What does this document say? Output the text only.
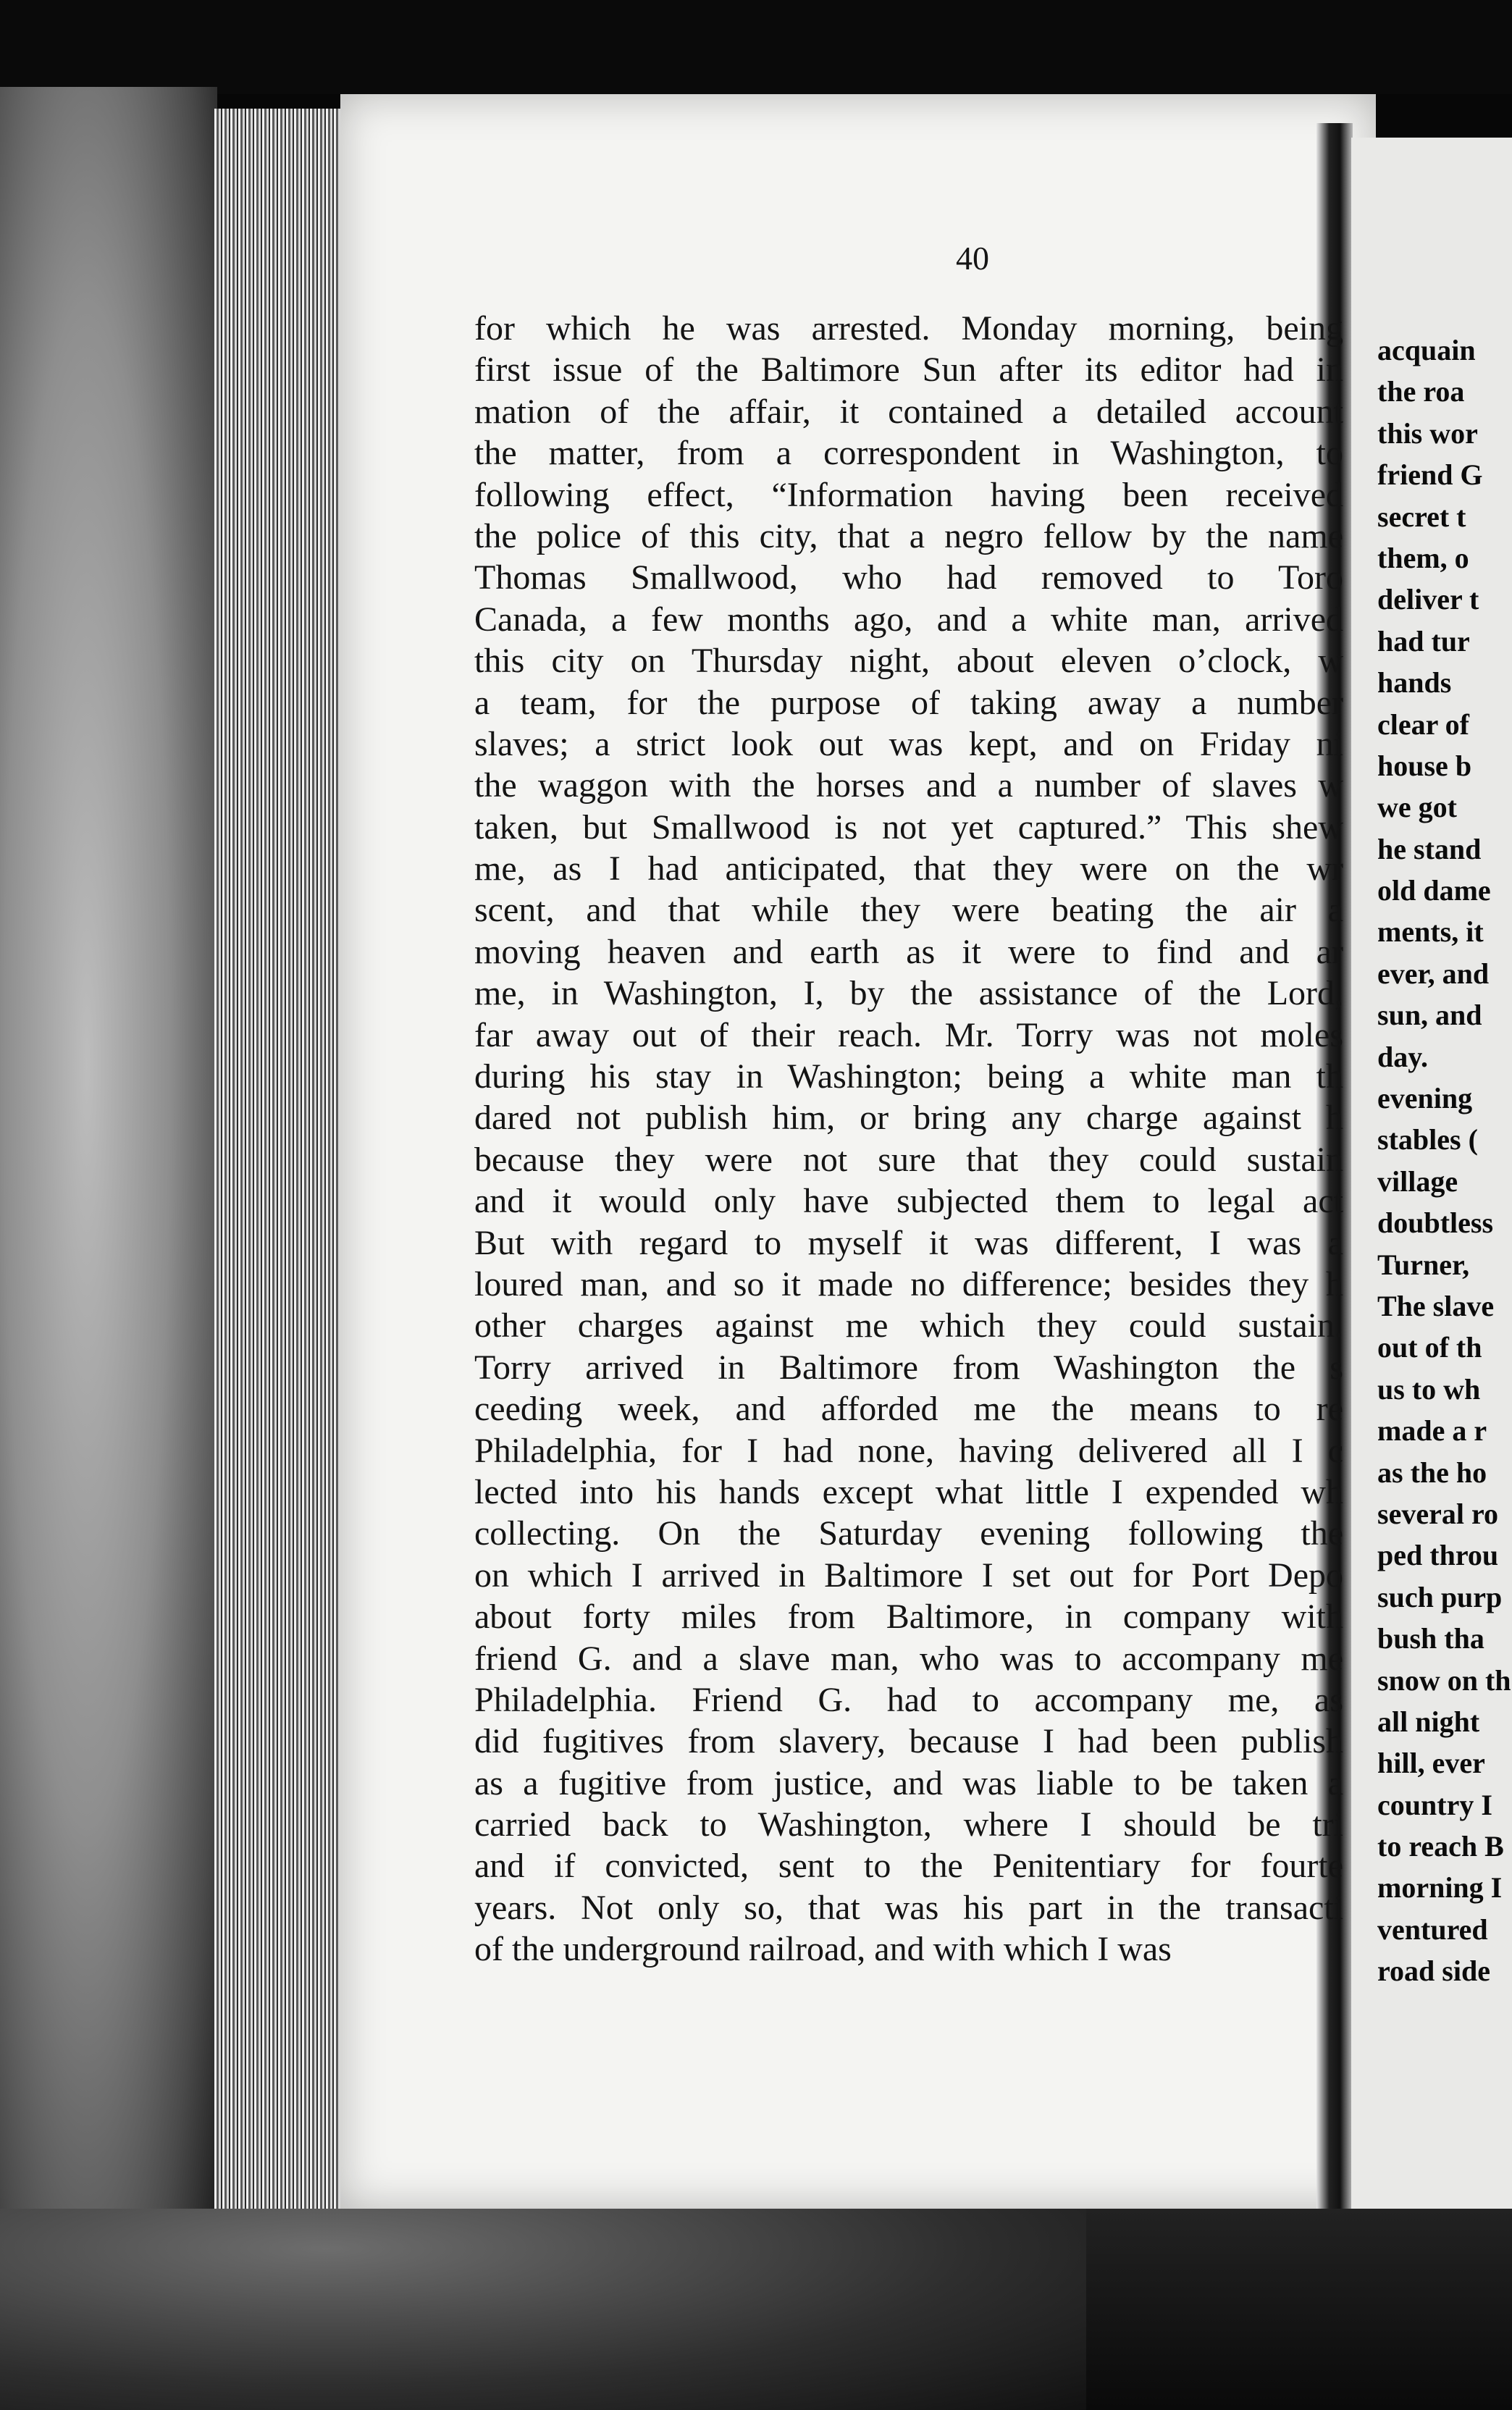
40
for which he was arrested. Monday morning, being
first issue of the Baltimore Sun after its editor had in
mation of the affair, it contained a detailed account
the matter, from a correspondent in Washington, to
following effect, “Information having been received
the police of this city, that a negro fellow by the name
Thomas Smallwood, who had removed to Toro
Canada, a few months ago, and a white man, arrived
this city on Thursday night, about eleven o’clock, w
a team, for the purpose of taking away a number
slaves; a strict look out was kept, and on Friday ni
the waggon with the horses and a number of slaves w
taken, but Smallwood is not yet captured.” This shew
me, as I had anticipated, that they were on the wr
scent, and that while they were beating the air a
moving heaven and earth as it were to find and ar
me, in Washington, I, by the assistance of the Lord,
far away out of their reach. Mr. Torry was not moles
during his stay in Washington; being a white man th
dared not publish him, or bring any charge against h
because they were not sure that they could sustain
and it would only have subjected them to legal act
But with regard to myself it was different, I was a
loured man, and so it made no difference; besides they h
other charges against me which they could sustain.
Torry arrived in Baltimore from Washington the s
ceeding week, and afforded me the means to re
Philadelphia, for I had none, having delivered all I c
lected into his hands except what little I expended wh
collecting. On the Saturday evening following the
on which I arrived in Baltimore I set out for Port Depo
about forty miles from Baltimore, in company with
friend G. and a slave man, who was to accompany me
Philadelphia. Friend G. had to accompany me, as
did fugitives from slavery, because I had been publish
as a fugitive from justice, and was liable to be taken a
carried back to Washington, where I should be tri
and if convicted, sent to the Penitentiary for fourte
years. Not only so, that was his part in the transacti
of the underground railroad, and with which I was
acquain
the roa
this wor
friend G
secret t
them, o
deliver t
had tur
hands
clear of
house b
we got
he stand
old dame
ments, it
ever, and
sun, and
day.
evening
stables (
village
doubtless
Turner,
The slave
out of th
us to wh
made a r
as the ho
several ro
ped throu
such purp
bush tha
snow on th
all night
hill, ever
country I
to reach B
morning I
ventured
road side
